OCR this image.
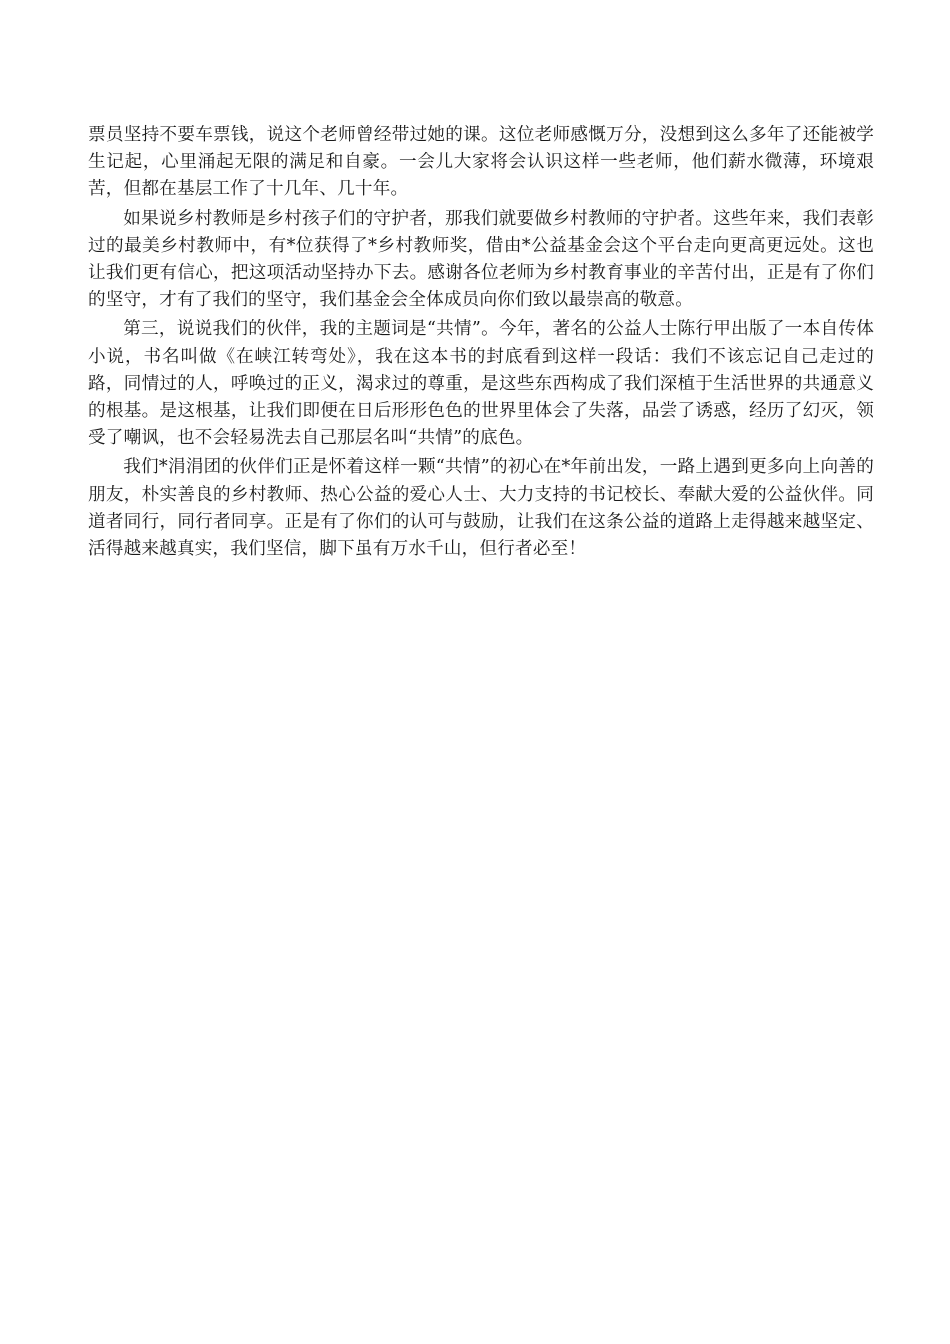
票员坚持不要车票钱，说这个老师曾经带过她的课。这位老师感慨万分，没想到这么多年了还能被学生记起，心里涌起无限的满足和自豪。一会儿大家将会认识这样一些老师，他们薪水微薄，环境艰苦，但都在基层工作了十几年、几十年。

如果说乡村教师是乡村孩子们的守护者，那我们就要做乡村教师的守护者。这些年来，我们表彰过的最美乡村教师中，有*位获得了*乡村教师奖，借由*公益基金会这个平台走向更高更远处。这也让我们更有信心，把这项活动坚持办下去。感谢各位老师为乡村教育事业的辛苦付出，正是有了你们的坚守，才有了我们的坚守，我们基金会全体成员向你们致以最崇高的敬意。

第三，说说我们的伙伴，我的主题词是“共情”。今年，著名的公益人士陈行甲出版了一本自传体小说，书名叫做《在峡江转弯处》，我在这本书的封底看到这样一段话：我们不该忘记自己走过的路，同情过的人，呼唤过的正义，渴求过的尊重，是这些东西构成了我们深植于生活世界的共通意义的根基。是这根基，让我们即便在日后形形色色的世界里体会了失落，品尝了诱惑，经历了幻灭，领受了嘲讽，也不会轻易洗去自己那层名叫“共情”的底色。

我们*涓涓团的伙伴们正是怀着这样一颗“共情”的初心在*年前出发，一路上遇到更多向上向善的朋友，朴实善良的乡村教师、热心公益的爱心人士、大力支持的书记校长、奉献大爱的公益伙伴。同道者同行，同行者同享。正是有了你们的认可与鼓励，让我们在这条公益的道路上走得越来越坚定、活得越来越真实，我们坚信，脚下虽有万水千山，但行者必至！
